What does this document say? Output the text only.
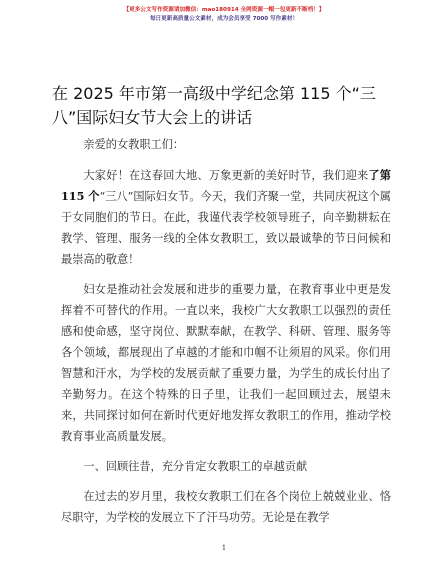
【更多公文写作资源请加微信：mao180914 全网资源一帽一包更新不断档！】
每日更新高质量公文素材，成为会员享受 7000 写作素材！
在 2025 年市第一高级中学纪念第 115 个“三八”国际妇女节大会上的讲话

亲爱的女教职工们：

大家好！在这春回大地、万象更新的美好时节，我们迎来了第 115 个“三八”国际妇女节。今天，我们齐聚一堂，共同庆祝这个属于女同胞们的节日。在此，我谨代表学校领导班子，向辛勤耕耘在教学、管理、服务一线的全体女教职工，致以最诚挚的节日问候和最崇高的敬意！

妇女是推动社会发展和进步的重要力量，在教育事业中更是发挥着不可替代的作用。一直以来，我校广大女教职工以强烈的责任感和使命感，坚守岗位、默默奉献，在教学、科研、管理、服务等各个领域，都展现出了卓越的才能和巾帼不让须眉的风采。你们用智慧和汗水，为学校的发展贡献了重要力量，为学生的成长付出了辛勤努力。在这个特殊的日子里，让我们一起回顾过去，展望未来，共同探讨如何在新时代更好地发挥女教职工的作用，推动学校教育事业高质量发展。

一、回顾往昔，充分肯定女教职工的卓越贡献

在过去的岁月里，我校女教职工们在各个岗位上兢兢业业、恪尽职守，为学校的发展立下了汗马功劳。无论是在教学

1
